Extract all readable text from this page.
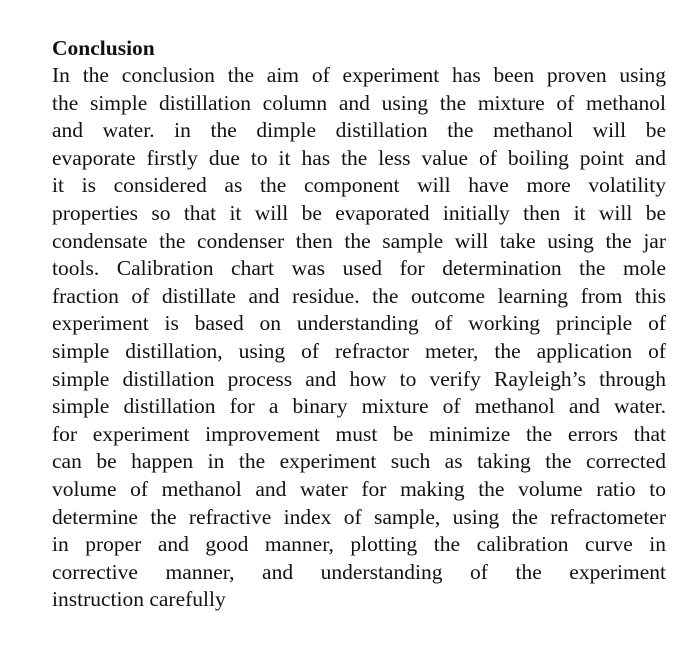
Conclusion

In the conclusion the aim of experiment has been proven using
the simple distillation column and using the mixture of methanol
and water. in the dimple distillation the methanol will be
evaporate firstly due to it has the less value of boiling point and
it is considered as the component will have more volatility
properties so that it will be evaporated initially then it will be
condensate the condenser then the sample will take using the jar
tools. Calibration chart was used for determination the mole
fraction of distillate and residue. the outcome learning from this
experiment is based on understanding of working principle of
simple distillation, using of refractor meter, the application of
simple distillation process and how to verify Rayleigh’s through
simple distillation for a binary mixture of methanol and water.
for experiment improvement must be minimize the errors that
can be happen in the experiment such as taking the corrected
volume of methanol and water for making the volume ratio to
determine the refractive index of sample, using the refractometer
in proper and good manner, plotting the calibration curve in
corrective manner, and understanding of the experiment
instruction carefully
